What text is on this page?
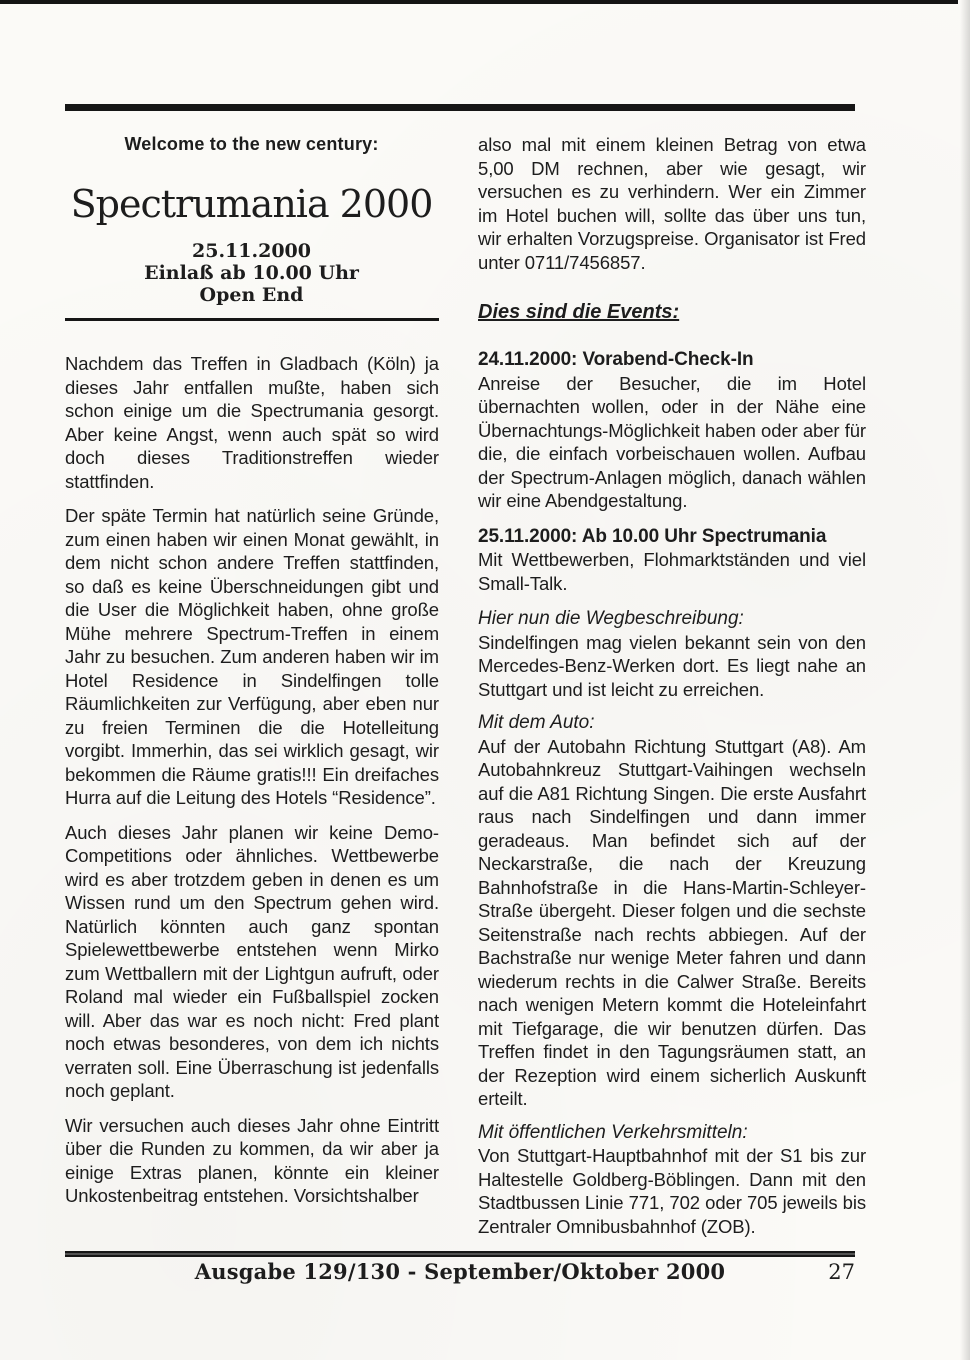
Welcome to the new century:
Spectrumania 2000
25.11.2000
Einlaß ab 10.00 Uhr
Open End

Nachdem das Treffen in Gladbach (Köln) ja dieses Jahr entfallen mußte, haben sich schon einige um die Spectrumania gesorgt. Aber keine Angst, wenn auch spät so wird doch dieses Traditionstreffen wieder stattfinden.

Der späte Termin hat natürlich seine Gründe, zum einen haben wir einen Monat gewählt, in dem nicht schon andere Treffen stattfinden, so daß es keine Überschneidungen gibt und die User die Möglichkeit haben, ohne große Mühe mehrere Spectrum-Treffen in einem Jahr zu besuchen. Zum anderen haben wir im Hotel Residence in Sindelfingen tolle Räumlichkeiten zur Verfügung, aber eben nur zu freien Terminen die die Hotelleitung vorgibt. Immerhin, das sei wirklich gesagt, wir bekommen die Räume gratis!!! Ein dreifaches Hurra auf die Leitung des Hotels “Residence”.

Auch dieses Jahr planen wir keine Demo-Competitions oder ähnliches. Wettbewerbe wird es aber trotzdem geben in denen es um Wissen rund um den Spectrum gehen wird. Natürlich könnten auch ganz spontan Spielewettbewerbe entstehen wenn Mirko zum Wettballern mit der Lightgun aufruft, oder Roland mal wieder ein Fußballspiel zocken will. Aber das war es noch nicht: Fred plant noch etwas besonderes, von dem ich nichts verraten soll. Eine Überraschung ist jedenfalls noch geplant.

Wir versuchen auch dieses Jahr ohne Eintritt über die Runden zu kommen, da wir aber ja einige Extras planen, könnte ein kleiner Unkostenbeitrag entstehen. Vorsichtshalber

also mal mit einem kleinen Betrag von etwa 5,00 DM rechnen, aber wie gesagt, wir versuchen es zu verhindern. Wer ein Zimmer im Hotel buchen will, sollte das über uns tun, wir erhalten Vorzugspreise. Organisator ist Fred unter 0711/7456857.

Dies sind die Events:
24.11.2000: Vorabend-Check-In

Anreise der Besucher, die im Hotel übernachten wollen, oder in der Nähe eine Übernachtungs-Möglichkeit haben oder aber für die, die einfach vorbeischauen wollen. Aufbau der Spectrum-Anlagen möglich, danach wählen wir eine Abendgestaltung.

25.11.2000: Ab 10.00 Uhr Spectrumania

Mit Wettbewerben, Flohmarktständen und viel Small-Talk.

Hier nun die Wegbeschreibung:

Sindelfingen mag vielen bekannt sein von den Mercedes-Benz-Werken dort. Es liegt nahe an Stuttgart und ist leicht zu erreichen.

Mit dem Auto:

Auf der Autobahn Richtung Stuttgart (A8). Am Autobahnkreuz Stuttgart-Vaihingen wechseln auf die A81 Richtung Singen. Die erste Ausfahrt raus nach Sindelfingen und dann immer geradeaus. Man befindet sich auf der Neckarstraße, die nach der Kreuzung Bahnhofstraße in die Hans-Martin-Schleyer-Straße übergeht. Dieser folgen und die sechste Seitenstraße nach rechts abbiegen. Auf der Bachstraße nur wenige Meter fahren und dann wiederum rechts in die Calwer Straße. Bereits nach wenigen Metern kommt die Hoteleinfahrt mit Tiefgarage, die wir benutzen dürfen. Das Treffen findet in den Tagungsräumen statt, an der Rezeption wird einem sicherlich Auskunft erteilt.

Mit öffentlichen Verkehrsmitteln:

Von Stuttgart-Hauptbahnhof mit der S1 bis zur Haltestelle Goldberg-Böblingen. Dann mit den Stadtbussen Linie 771, 702 oder 705 jeweils bis Zentraler Omnibusbahnhof (ZOB).

Ausgabe 129/130 - September/Oktober 2000	27
